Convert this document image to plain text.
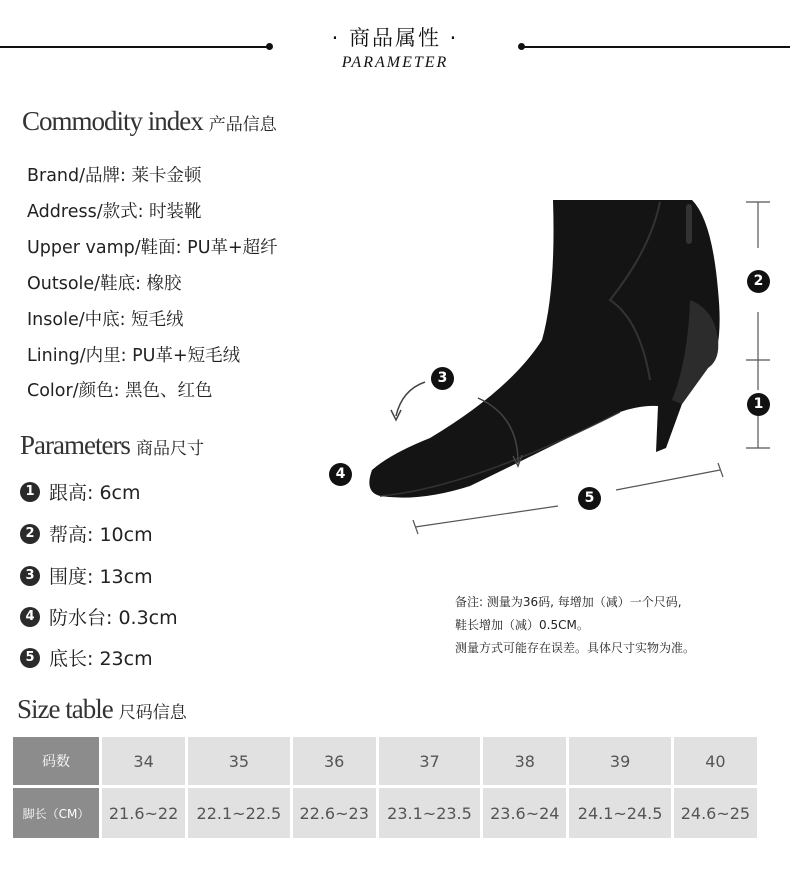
· 商品属性 ·
PARAMETER
Commodity index 产品信息
Brand/品牌: 莱卡金顿
Address/款式: 时装靴
Upper vamp/鞋面: PU革+超纤
Outsole/鞋底: 橡胶
Insole/中底: 短毛绒
Lining/内里: PU革+短毛绒
Color/颜色: 黑色、红色
Parameters 商品尺寸
1 跟高: 6cm
2 帮高: 10cm
3 围度: 13cm
4 防水台: 0.3cm
5 底长: 23cm
1
2
3
4
5
备注: 测量为36码, 每增加（减）一个尺码,
鞋长增加（减）0.5CM。
测量方式可能存在误差。具体尺寸实物为准。
Size table 尺码信息
码数	34	35	36	37	38	39	40
脚长（CM）	21.6~22	22.1~22.5	22.6~23	23.1~23.5	23.6~24	24.1~24.5	24.6~25
